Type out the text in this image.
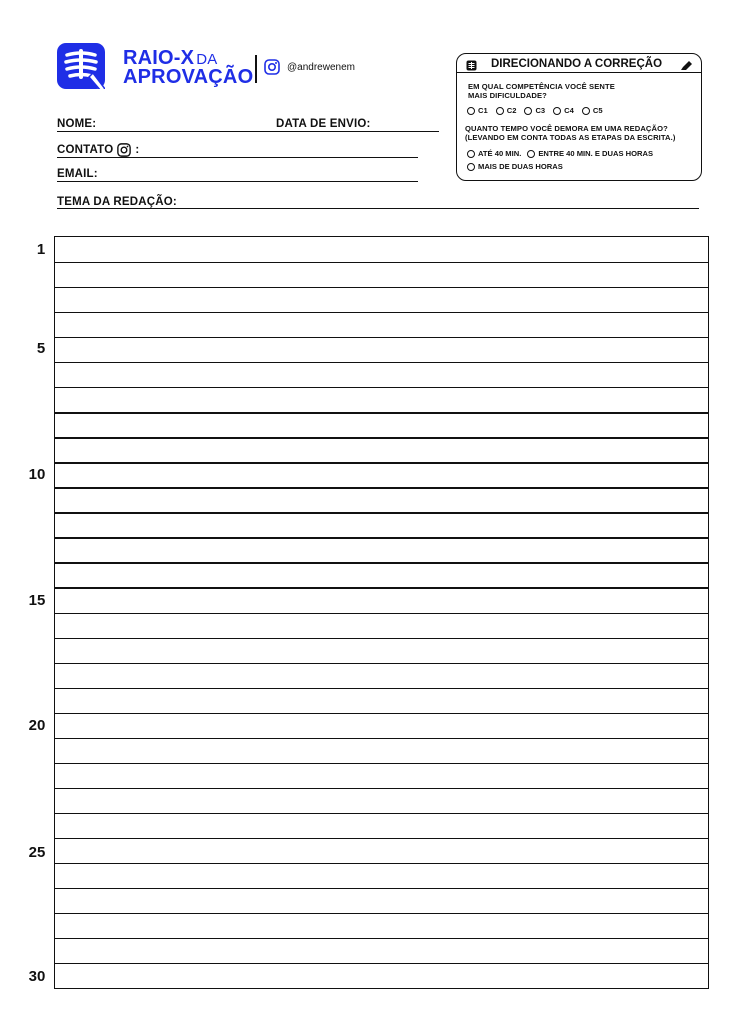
RAIO-X DA
APROVAÇÃO	@andrewenem
NOME:	DATA DE ENVIO:
CONTATO :
EMAIL:
TEMA DA REDAÇÃO:
DIRECIONANDO A CORREÇÃO
EM QUAL COMPETÊNCIA VOCÊ SENTE
MAIS DIFICULDADE?
C1	C2	C3	C4	C5
QUANTO TEMPO VOCÊ DEMORA EM UMA REDAÇÃO?
(LEVANDO EM CONTA TODAS AS ETAPAS DA ESCRITA.)
ATÉ 40 MIN. ENTRE 40 MIN. E DUAS HORAS
MAIS DE DUAS HORAS
1
5
10
15
20
25
30
